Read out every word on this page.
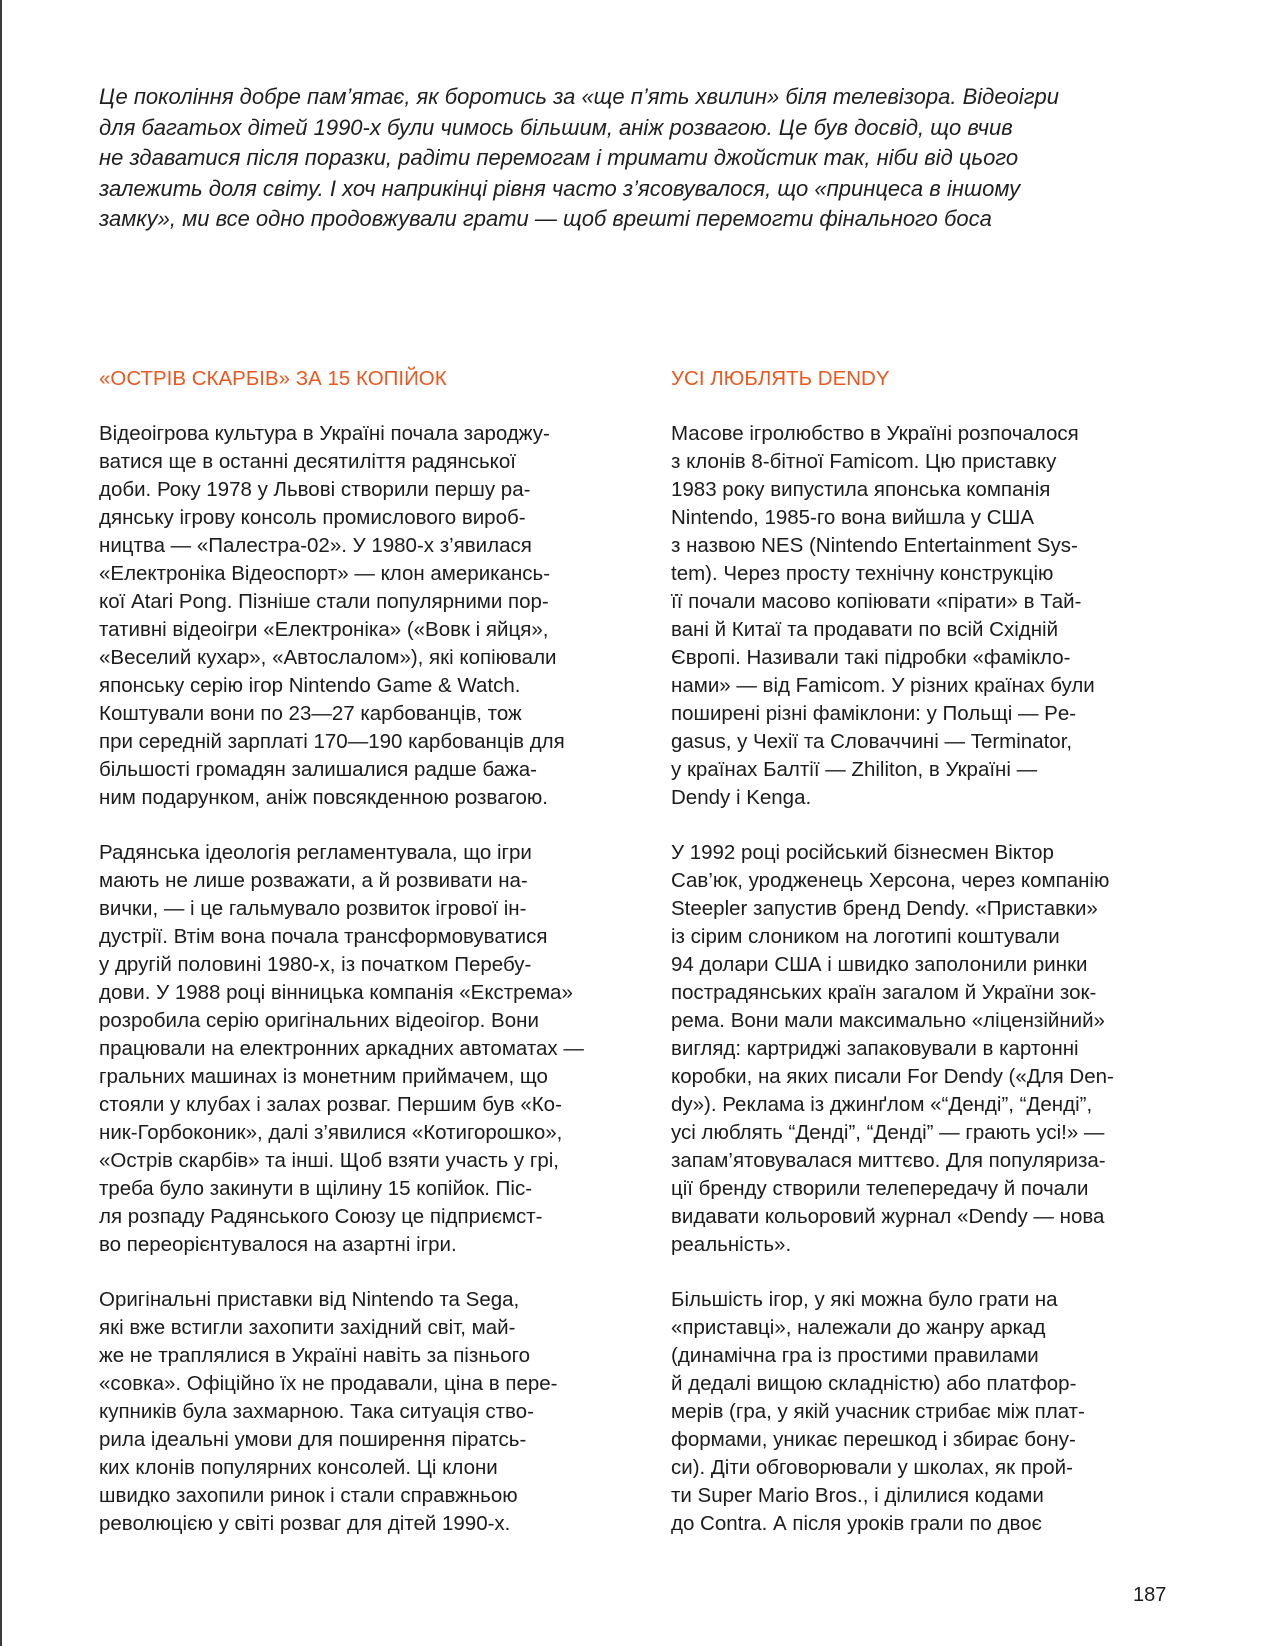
Це покоління добре пам’ятає, як боротись за «ще п’ять хвилин» біля телевізора. Відеоігри
для багатьох дітей 1990-х були чимось більшим, аніж розвагою. Це був досвід, що вчив
не здаватися після поразки, радіти перемогам і тримати джойстик так, ніби від цього
залежить доля світу. І хоч наприкінці рівня часто з’ясовувалося, що «принцеса в іншому
замку», ми все одно продовжували грати — щоб врешті перемогти фінального боса
«ОСТРІВ СКАРБІВ» ЗА 15 КОПІЙОК

Відеоігрова культура в Україні почала зароджу-
ватися ще в останні десятиліття радянської
доби. Року 1978 у Львові створили першу ра-
дянську ігрову консоль промислового вироб-
ництва — «Палестра-02». У 1980-х з’явилася
«Електроніка Відеоспорт» — клон американсь-
кої Atari Pong. Пізніше стали популярними пор-
тативні відеоігри «Електроніка» («Вовк і яйця»,
«Веселий кухар», «Автослалом»), які копіювали
японську серію ігор Nintendo Game & Watch.
Коштували вони по 23—27 карбованців, тож
при середній зарплаті 170—190 карбованців для
більшості громадян залишалися радше бажа-
ним подарунком, аніж повсякденною розвагою.

Радянська ідеологія регламентувала, що ігри
мають не лише розважати, а й розвивати на-
вички, — і це гальмувало розвиток ігрової ін-
дустрії. Втім вона почала трансформовуватися
у другій половині 1980-х, із початком Перебу-
дови. У 1988 році вінницька компанія «Екстрема»
розробила серію оригінальних відеоігор. Вони
працювали на електронних аркадних автоматах —
гральних машинах із монетним приймачем, що
стояли у клубах і залах розваг. Першим був «Ко-
ник-Горбоконик», далі з’явилися «Котигорошко»,
«Острів скарбів» та інші. Щоб взяти участь у грі,
треба було закинути в щілину 15 копійок. Піс-
ля розпаду Радянського Союзу це підприємст-
во переорієнтувалося на азартні ігри.

Оригінальні приставки від Nintendo та Sega,
які вже встигли захопити західний світ, май-
же не траплялися в Україні навіть за пізнього
«совка». Офіційно їх не продавали, ціна в пере-
купників була захмарною. Така ситуація ство-
рила ідеальні умови для поширення піратсь-
ких клонів популярних консолей. Ці клони
швидко захопили ринок і стали справжньою
революцією у світі розваг для дітей 1990-х.

УСІ ЛЮБЛЯТЬ DENDY

Масове ігролюбство в Україні розпочалося
з клонів 8-бітної Famicom. Цю приставку
1983 року випустила японська компанія
Nintendo, 1985-го вона вийшла у США
з назвою NES (Nintendo Entertainment Sys-
tem). Через просту технічну конструкцію
її почали масово копіювати «пірати» в Тай-
вані й Китаї та продавати по всій Східній
Європі. Називали такі підробки «фамікло-
нами» — від Famicom. У різних країнах були
поширені різні фамiклони: у Польщі — Pe-
gasus, у Чехії та Словаччині — Terminator,
у країнах Балтії — Zhiliton, в Україні —
Dendy і Kenga.

У 1992 році російський бізнесмен Віктор
Сав’юк, уродженець Херсона, через компанію
Steepler запустив бренд Dendy. «Приставки»
із сірим слоником на логотипі коштували
94 долари США і швидко заполонили ринки
пострадянських країн загалом й України зок-
рема. Вони мали максимально «ліцензійний»
вигляд: картриджі запаковували в картонні
коробки, на яких писали For Dendy («Для Den-
dy»). Реклама із джинґлом «“Денді”, “Денді”,
усі люблять “Денді”, “Денді” — грають усі!» —
запам’ятовувалася миттєво. Для популяриза-
ції бренду створили телепередачу й почали
видавати кольоровий журнал «Dendy — нова
реальність».

Більшість ігор, у які можна було грати на
«приставці», належали до жанру аркад
(динамічна гра із простими правилами
й дедалі вищою складністю) або платфор-
мерів (гра, у якій учасник стрибає між плат-
формами, уникає перешкод і збирає бону-
си). Діти обговорювали у школах, як прой-
ти Super Mario Bros., і ділилися кодами
до Contra. А після уроків грали по двоє

187
